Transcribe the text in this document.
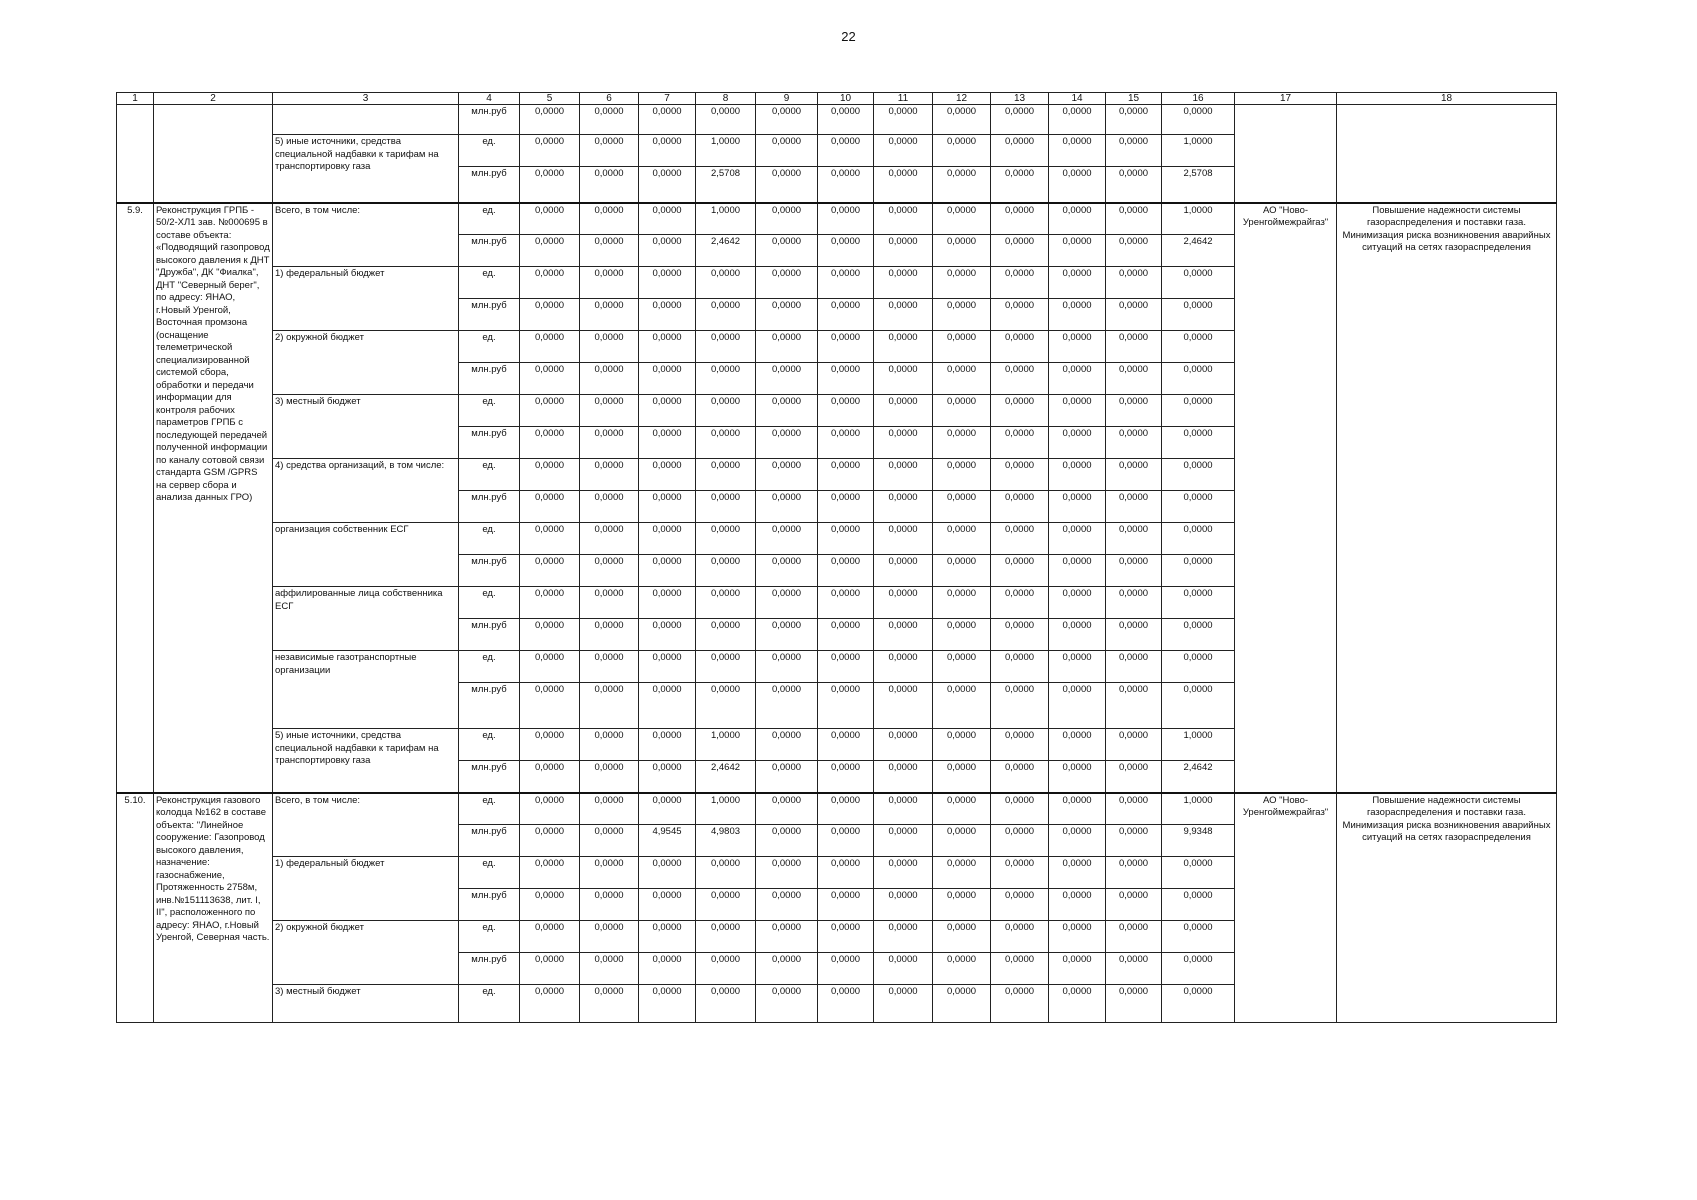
22
1	2	3	4	5	6	7	8	9	10	11	12	13	14	15	16	17	18
			млн.руб	0,0000	0,0000	0,0000	0,0000	0,0000	0,0000	0,0000	0,0000	0,0000	0,0000	0,0000	0,0000		
		5) иные источники, средства специальной надбавки к тарифам на транспортировку газа	ед.	0,0000	0,0000	0,0000	1,0000	0,0000	0,0000	0,0000	0,0000	0,0000	0,0000	0,0000	1,0000		
			млн.руб	0,0000	0,0000	0,0000	2,5708	0,0000	0,0000	0,0000	0,0000	0,0000	0,0000	0,0000	2,5708		
5.9.	Реконструкция ГРПБ - 50/2-ХЛ1 зав. №000695 в составе объекта: «Подводящий газопровод высокого давления к ДНТ "Дружба", ДК "Фиалка", ДНТ "Северный берег", по адресу: ЯНАО, г.Новый Уренгой, Восточная промзона (оснащение телеметрической специализированной системой сбора, обработки и передачи информации для контроля рабочих параметров ГРПБ с последующей передачей полученной информации по каналу сотовой связи стандарта GSM /GPRS на сервер сбора и анализа данных ГРО)	Всего, в том числе:	ед.	0,0000	0,0000	0,0000	1,0000	0,0000	0,0000	0,0000	0,0000	0,0000	0,0000	0,0000	1,0000	АО "Ново-Уренгоймежрайгаз"	Повышение надежности системы газораспределения и поставки газа. Минимизация риска возникновения аварийных ситуаций на сетях газораспределения
			млн.руб	0,0000	0,0000	0,0000	2,4642	0,0000	0,0000	0,0000	0,0000	0,0000	0,0000	0,0000	2,4642		
		1) федеральный бюджет	ед.	0,0000	0,0000	0,0000	0,0000	0,0000	0,0000	0,0000	0,0000	0,0000	0,0000	0,0000	0,0000		
			млн.руб	0,0000	0,0000	0,0000	0,0000	0,0000	0,0000	0,0000	0,0000	0,0000	0,0000	0,0000	0,0000		
		2) окружной бюджет	ед.	0,0000	0,0000	0,0000	0,0000	0,0000	0,0000	0,0000	0,0000	0,0000	0,0000	0,0000	0,0000		
			млн.руб	0,0000	0,0000	0,0000	0,0000	0,0000	0,0000	0,0000	0,0000	0,0000	0,0000	0,0000	0,0000		
		3) местный бюджет	ед.	0,0000	0,0000	0,0000	0,0000	0,0000	0,0000	0,0000	0,0000	0,0000	0,0000	0,0000	0,0000		
			млн.руб	0,0000	0,0000	0,0000	0,0000	0,0000	0,0000	0,0000	0,0000	0,0000	0,0000	0,0000	0,0000		
		4) средства организаций, в том числе:	ед.	0,0000	0,0000	0,0000	0,0000	0,0000	0,0000	0,0000	0,0000	0,0000	0,0000	0,0000	0,0000		
			млн.руб	0,0000	0,0000	0,0000	0,0000	0,0000	0,0000	0,0000	0,0000	0,0000	0,0000	0,0000	0,0000		
		организация собственник ЕСГ	ед.	0,0000	0,0000	0,0000	0,0000	0,0000	0,0000	0,0000	0,0000	0,0000	0,0000	0,0000	0,0000		
			млн.руб	0,0000	0,0000	0,0000	0,0000	0,0000	0,0000	0,0000	0,0000	0,0000	0,0000	0,0000	0,0000		
		аффилированные лица собственника ЕСГ	ед.	0,0000	0,0000	0,0000	0,0000	0,0000	0,0000	0,0000	0,0000	0,0000	0,0000	0,0000	0,0000		
			млн.руб	0,0000	0,0000	0,0000	0,0000	0,0000	0,0000	0,0000	0,0000	0,0000	0,0000	0,0000	0,0000		
		независимые газотранспортные организации	ед.	0,0000	0,0000	0,0000	0,0000	0,0000	0,0000	0,0000	0,0000	0,0000	0,0000	0,0000	0,0000		
			млн.руб	0,0000	0,0000	0,0000	0,0000	0,0000	0,0000	0,0000	0,0000	0,0000	0,0000	0,0000	0,0000		
		5) иные источники, средства специальной надбавки к тарифам на транспортировку газа	ед.	0,0000	0,0000	0,0000	1,0000	0,0000	0,0000	0,0000	0,0000	0,0000	0,0000	0,0000	1,0000		
			млн.руб	0,0000	0,0000	0,0000	2,4642	0,0000	0,0000	0,0000	0,0000	0,0000	0,0000	0,0000	2,4642		
5.10.	Реконструкция газового колодца №162 в составе объекта: "Линейное сооружение: Газопровод высокого давления, назначение: газоснабжение, Протяженность 2758м, инв.№151113638, лит. I, II", расположенного по адресу: ЯНАО, г.Новый Уренгой, Северная часть.	Всего, в том числе:	ед.	0,0000	0,0000	0,0000	1,0000	0,0000	0,0000	0,0000	0,0000	0,0000	0,0000	0,0000	1,0000	АО "Ново-Уренгоймежрайгаз"	Повышение надежности системы газораспределения и поставки газа. Минимизация риска возникновения аварийных ситуаций на сетях газораспределения
			млн.руб	0,0000	0,0000	4,9545	4,9803	0,0000	0,0000	0,0000	0,0000	0,0000	0,0000	0,0000	9,9348		
		1) федеральный бюджет	ед.	0,0000	0,0000	0,0000	0,0000	0,0000	0,0000	0,0000	0,0000	0,0000	0,0000	0,0000	0,0000		
			млн.руб	0,0000	0,0000	0,0000	0,0000	0,0000	0,0000	0,0000	0,0000	0,0000	0,0000	0,0000	0,0000		
		2) окружной бюджет	ед.	0,0000	0,0000	0,0000	0,0000	0,0000	0,0000	0,0000	0,0000	0,0000	0,0000	0,0000	0,0000		
			млн.руб	0,0000	0,0000	0,0000	0,0000	0,0000	0,0000	0,0000	0,0000	0,0000	0,0000	0,0000	0,0000		
		3) местный бюджет	ед.	0,0000	0,0000	0,0000	0,0000	0,0000	0,0000	0,0000	0,0000	0,0000	0,0000	0,0000	0,0000		
